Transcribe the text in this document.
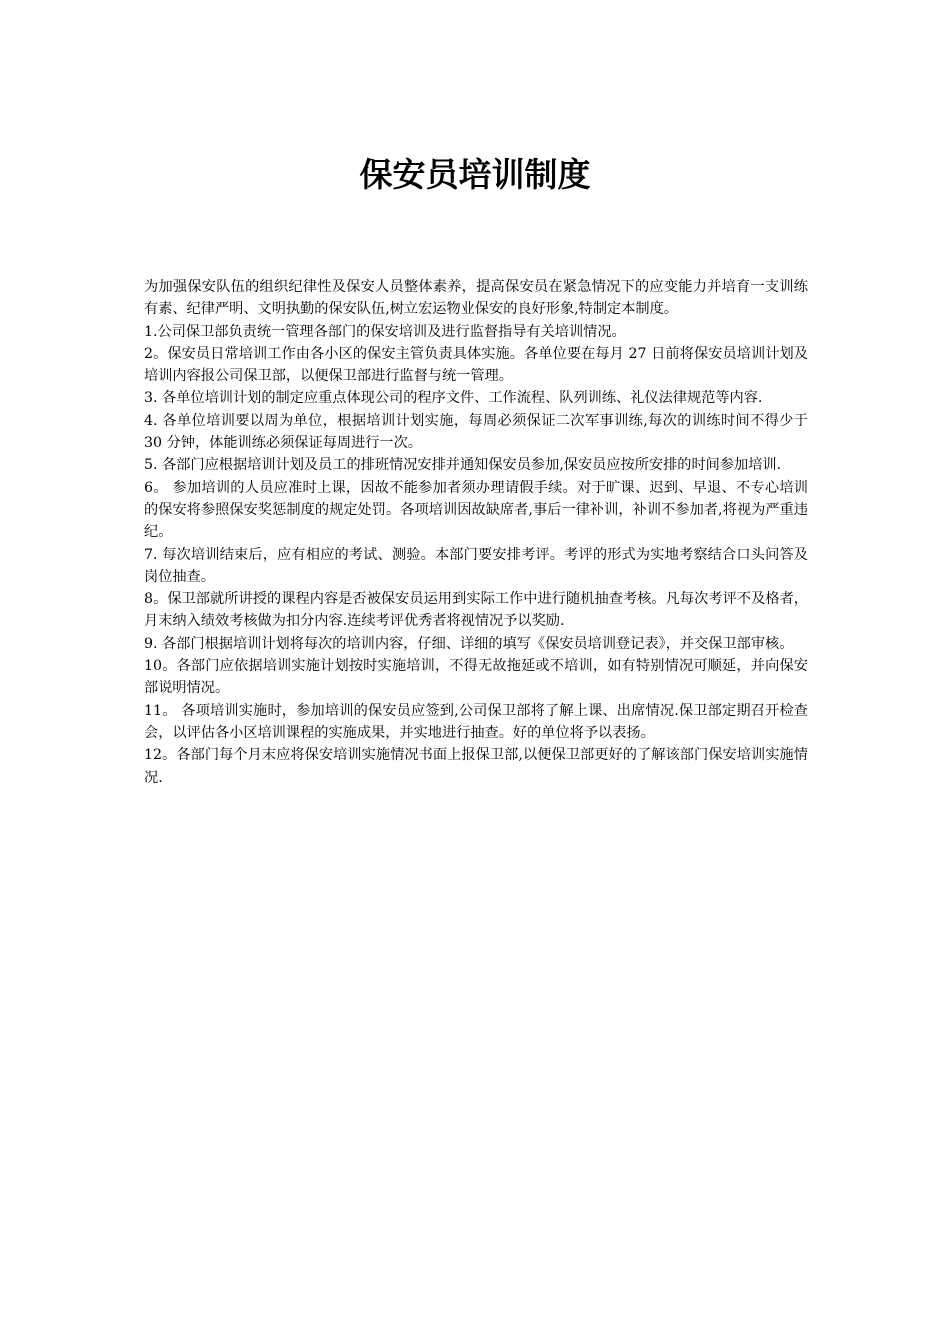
保安员培训制度

为加强保安队伍的组织纪律性及保安人员整体素养，提高保安员在紧急情况下的应变能力并培育一支训练有素、纪律严明、文明执勤的保安队伍,树立宏运物业保安的良好形象,特制定本制度。

1.公司保卫部负责统一管理各部门的保安培训及进行监督指导有关培训情况。

2。保安员日常培训工作由各小区的保安主管负责具体实施。各单位要在每月 27 日前将保安员培训计划及培训内容报公司保卫部，以便保卫部进行监督与统一管理。

3. 各单位培训计划的制定应重点体现公司的程序文件、工作流程、队列训练、礼仪法律规范等内容.

4. 各单位培训要以周为单位，根据培训计划实施，每周必须保证二次军事训练,每次的训练时间不得少于 30 分钟，体能训练必须保证每周进行一次。

5. 各部门应根据培训计划及员工的排班情况安排并通知保安员参加,保安员应按所安排的时间参加培训.

6。 参加培训的人员应准时上课，因故不能参加者须办理请假手续。对于旷课、迟到、早退、不专心培训的保安将参照保安奖惩制度的规定处罚。各项培训因故缺席者,事后一律补训，补训不参加者,将视为严重违纪。

7. 每次培训结束后，应有相应的考试、测验。本部门要安排考评。考评的形式为实地考察结合口头问答及岗位抽查。

8。保卫部就所讲授的课程内容是否被保安员运用到实际工作中进行随机抽查考核。凡每次考评不及格者，月末纳入绩效考核做为扣分内容.连续考评优秀者将视情况予以奖励.

9. 各部门根据培训计划将每次的培训内容，仔细、详细的填写《保安员培训登记表》，并交保卫部审核。

10。各部门应依据培训实施计划按时实施培训，不得无故拖延或不培训，如有特别情况可顺延，并向保安部说明情况。

11。 各项培训实施时，参加培训的保安员应签到,公司保卫部将了解上课、出席情况.保卫部定期召开检查会，以评估各小区培训课程的实施成果，并实地进行抽查。好的单位将予以表扬。

12。各部门每个月末应将保安培训实施情况书面上报保卫部,以便保卫部更好的了解该部门保安培训实施情况.
